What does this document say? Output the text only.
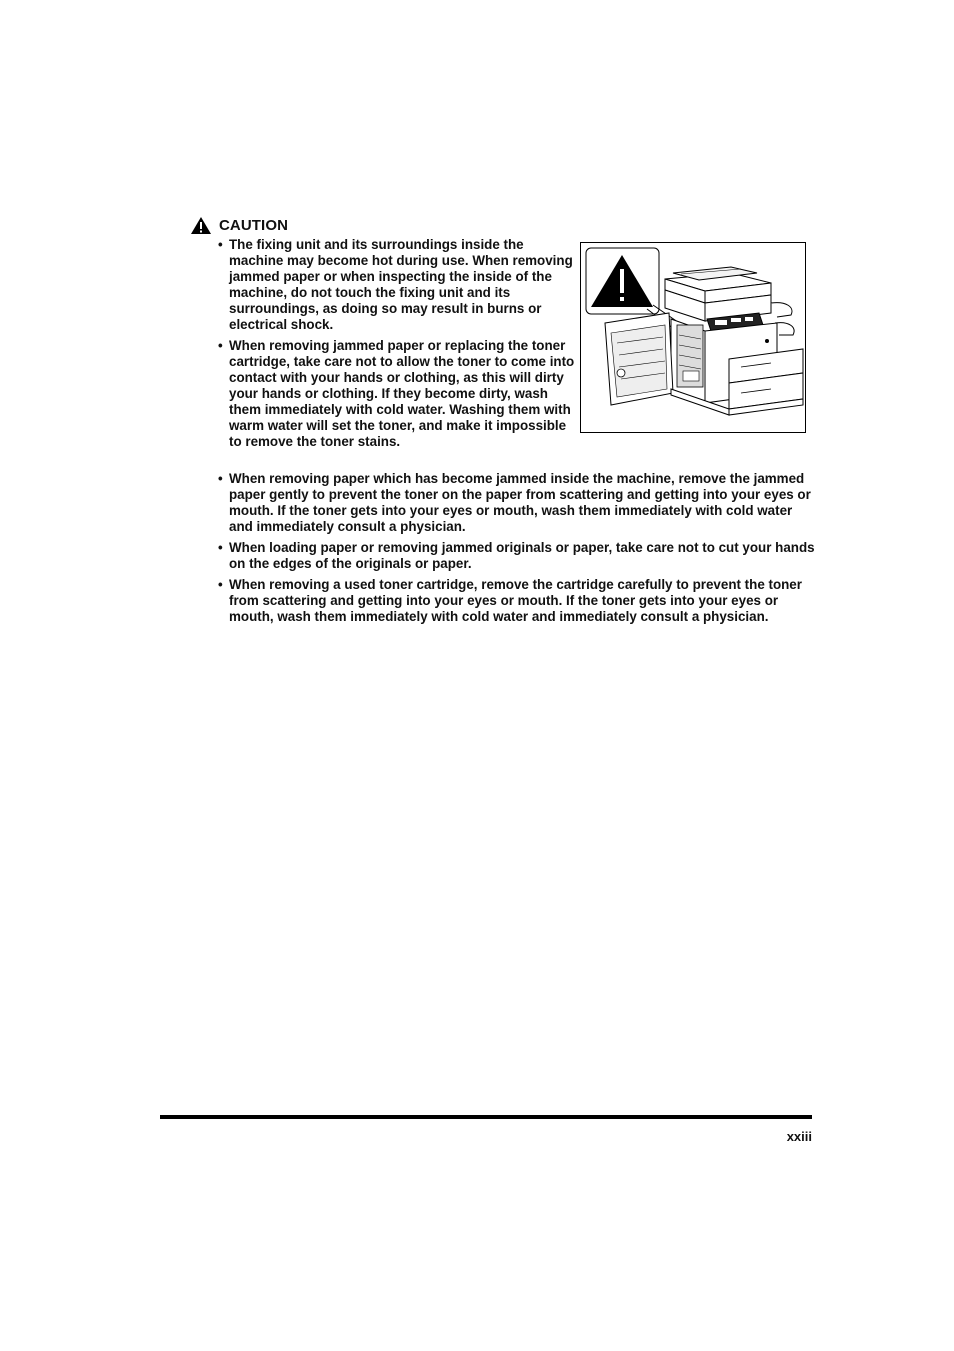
CAUTION
• The fixing unit and its surroundings inside the machine may become hot during use. When removing jammed paper or when inspecting the inside of the machine, do not touch the fixing unit and its surroundings, as doing so may result in burns or electrical shock.
• When removing jammed paper or replacing the toner cartridge, take care not to allow the toner to come into contact with your hands or clothing, as this will dirty your hands or clothing. If they become dirty, wash them immediately with cold water. Washing them with warm water will set the toner, and make it impossible to remove the toner stains.
• When removing paper which has become jammed inside the machine, remove the jammed paper gently to prevent the toner on the paper from scattering and getting into your eyes or mouth. If the toner gets into your eyes or mouth, wash them immediately with cold water and immediately consult a physician.
• When loading paper or removing jammed originals or paper, take care not to cut your hands on the edges of the originals or paper.
• When removing a used toner cartridge, remove the cartridge carefully to prevent the toner from scattering and getting into your eyes or mouth. If the toner gets into your eyes or mouth, wash them immediately with cold water and immediately consult a physician.
xxiii
